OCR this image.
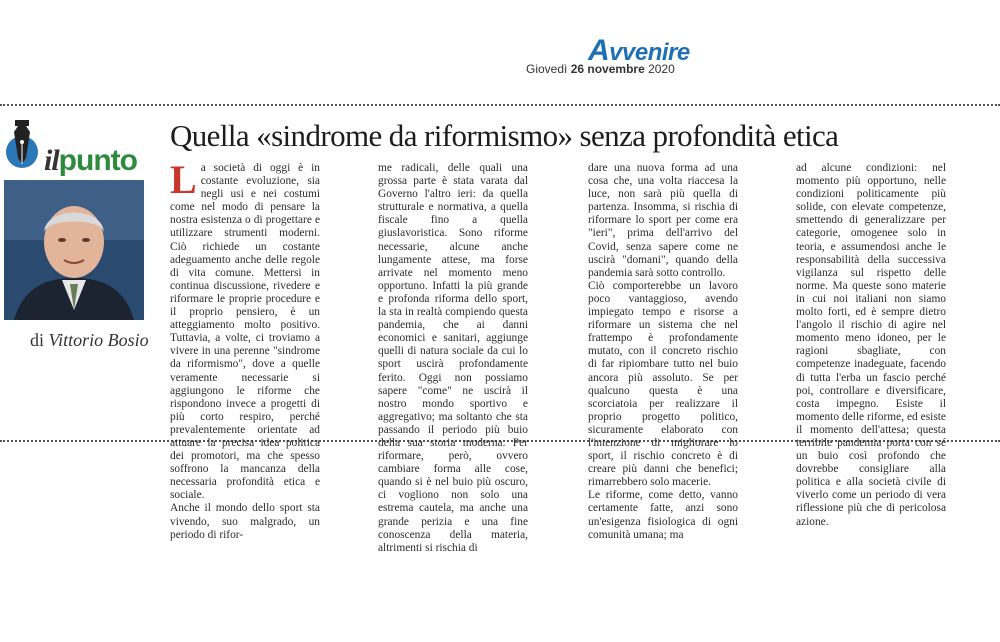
Avvenire
Giovedì 26 novembre 2020
ilpunto
di Vittorio Bosio
Quella «sindrome da riformismo» senza profondità etica
L a società di oggi è in costante evoluzione, sia negli usi e nei costumi come nel modo di pensare la nostra esistenza o di progettare e utilizzare strumenti moderni. Ciò richiede un costante adeguamento anche delle regole di vita comune. Mettersi in continua discussione, rivedere e riformare le proprie procedure e il proprio pensiero, è un atteggiamento molto positivo. Tuttavia, a volte, ci troviamo a vivere in una perenne "sindrome da riformismo", dove a quelle veramente necessarie si aggiungono le riforme che rispondono invece a progetti di più corto respiro, perché prevalentemente orientate ad attuare la precisa idea politica dei promotori, ma che spesso soffrono la mancanza della necessaria profondità etica e sociale.
Anche il mondo dello sport sta vivendo, suo malgrado, un periodo di rifor-

me radicali, delle quali una grossa parte è stata varata dal Governo l'altro ieri: da quella strutturale e normativa, a quella fiscale fino a quella giuslavoristica. Sono riforme necessarie, alcune anche lungamente attese, ma forse arrivate nel momento meno opportuno. Infatti la più grande e profonda riforma dello sport, la sta in realtà compiendo questa pandemia, che ai danni economici e sanitari, aggiunge quelli di natura sociale da cui lo sport uscirà profondamente ferito. Oggi non possiamo sapere "come" ne uscirà il nostro mondo sportivo e aggregativo; ma soltanto che sta passando il periodo più buio della sua storia moderna. Per riformare, però, ovvero cambiare forma alle cose, quando si è nel buio più oscuro, ci vogliono non solo una estrema cautela, ma anche una grande perizia e una fine conoscenza della materia, altrimenti si rischia di

dare una nuova forma ad una cosa che, una volta riaccesa la luce, non sarà più quella di partenza. Insomma, si rischia di riformare lo sport per come era "ieri", prima dell'arrivo del Covid, senza sapere come ne uscirà "domani", quando della pandemia sarà sotto controllo.
Ciò comporterebbe un lavoro poco vantaggioso, avendo impiegato tempo e risorse a riformare un sistema che nel frattempo è profondamente mutato, con il concreto rischio di far ripiombare tutto nel buio ancora più assoluto. Se per qualcuno questa è una scorciatoia per realizzare il proprio progetto politico, sicuramente elaborato con l'intenzione di migliorare lo sport, il rischio concreto è di creare più danni che benefici; rimarrebbero solo macerie.
Le riforme, come detto, vanno certamente fatte, anzi sono un'esigenza fisiologica di ogni comunità umana; ma

ad alcune condizioni: nel momento più opportuno, nelle condizioni politicamente più solide, con elevate competenze, smettendo di generalizzare per categorie, omogenee solo in teoria, e assumendosi anche le responsabilità della successiva vigilanza sul rispetto delle norme. Ma queste sono materie in cui noi italiani non siamo molto forti, ed è sempre dietro l'angolo il rischio di agire nel momento meno idoneo, per le ragioni sbagliate, con competenze inadeguate, facendo di tutta l'erba un fascio perché poi, controllare e diversificare, costa impegno. Esiste il momento delle riforme, ed esiste il momento dell'attesa; questa terribile pandemia porta con sé un buio così profondo che dovrebbe consigliare alla politica e alla società civile di viverlo come un periodo di vera riflessione più che di pericolosa azione.
